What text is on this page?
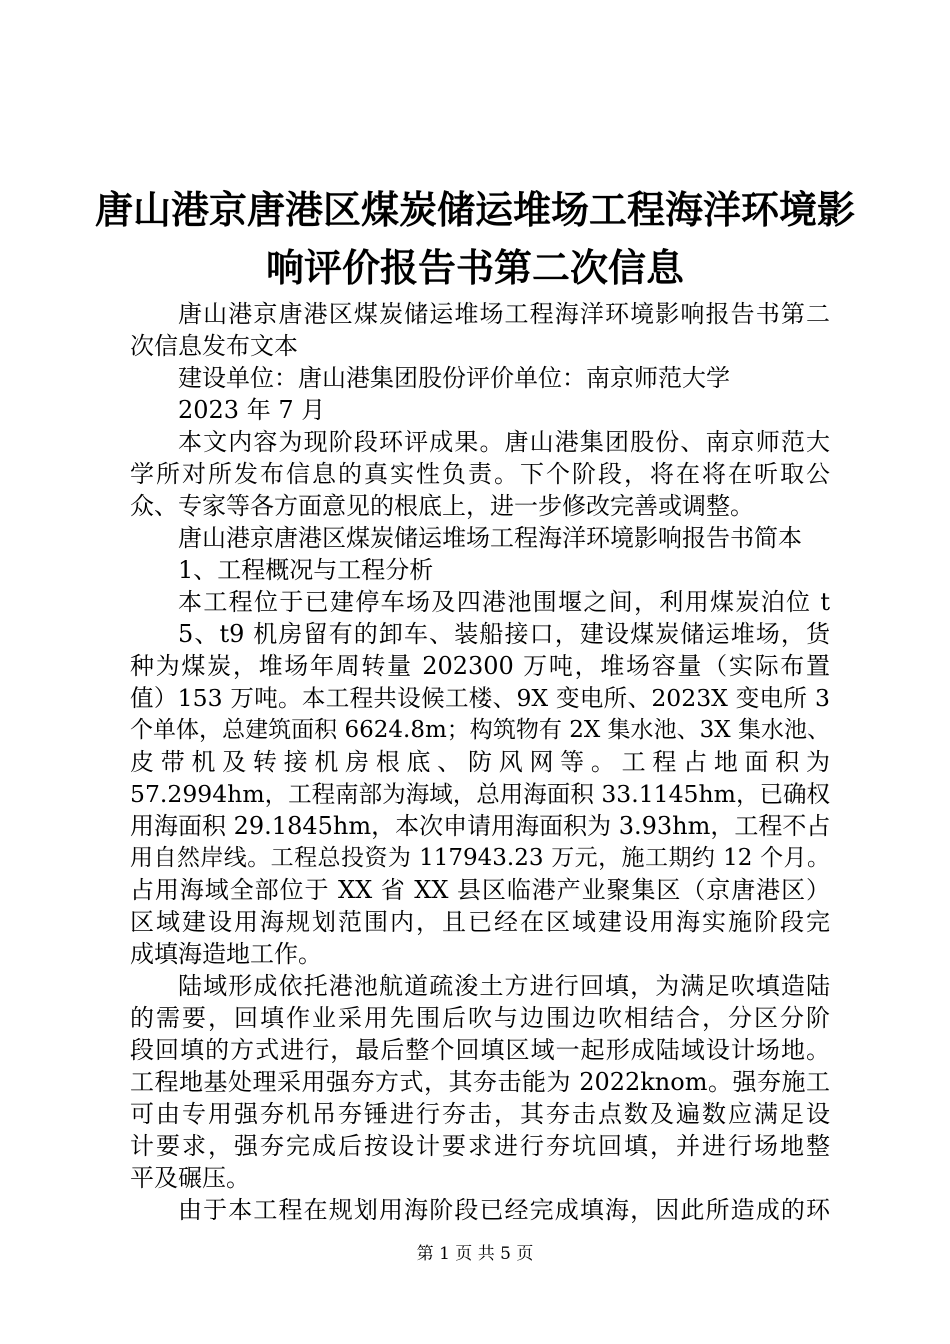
唐山港京唐港区煤炭储运堆场工程海洋环境影
响评价报告书第二次信息
唐山港京唐港区煤炭储运堆场工程海洋环境影响报告书第二
次信息发布文本
建设单位：唐山港集团股份评价单位：南京师范大学
2023 年 7 月
本文内容为现阶段环评成果。唐山港集团股份、南京师范大
学所对所发布信息的真实性负责。下个阶段，将在将在听取公
众、专家等各方面意见的根底上，进一步修改完善或调整。
唐山港京唐港区煤炭储运堆场工程海洋环境影响报告书简本
1、工程概况与工程分析
本工程位于已建停车场及四港池围堰之间，利用煤炭泊位 t
5、t9 机房留有的卸车、装船接口，建设煤炭储运堆场，货
种为煤炭，堆场年周转量 202300 万吨，堆场容量（实际布置
值）153 万吨。本工程共设候工楼、9X 变电所、2023X 变电所 3
个单体，总建筑面积 6624.8m；构筑物有 2X 集水池、3X 集水池、
皮带机及转接机房根底、防风网等。工程占地面积为
57.2994hm，工程南部为海域，总用海面积 33.1145hm，已确权
用海面积 29.1845hm，本次申请用海面积为 3.93hm，工程不占
用自然岸线。工程总投资为 117943.23 万元，施工期约 12 个月。
占用海域全部位于 XX 省 XX 县区临港产业聚集区（京唐港区）
区域建设用海规划范围内，且已经在区域建设用海实施阶段完
成填海造地工作。
陆域形成依托港池航道疏浚土方进行回填，为满足吹填造陆
的需要，回填作业采用先围后吹与边围边吹相结合，分区分阶
段回填的方式进行，最后整个回填区域一起形成陆域设计场地。
工程地基处理采用强夯方式，其夯击能为 2022knom。强夯施工
可由专用强夯机吊夯锤进行夯击，其夯击点数及遍数应满足设
计要求，强夯完成后按设计要求进行夯坑回填，并进行场地整
平及碾压。
由于本工程在规划用海阶段已经完成填海，因此所造成的环
第 1 页 共 5 页
